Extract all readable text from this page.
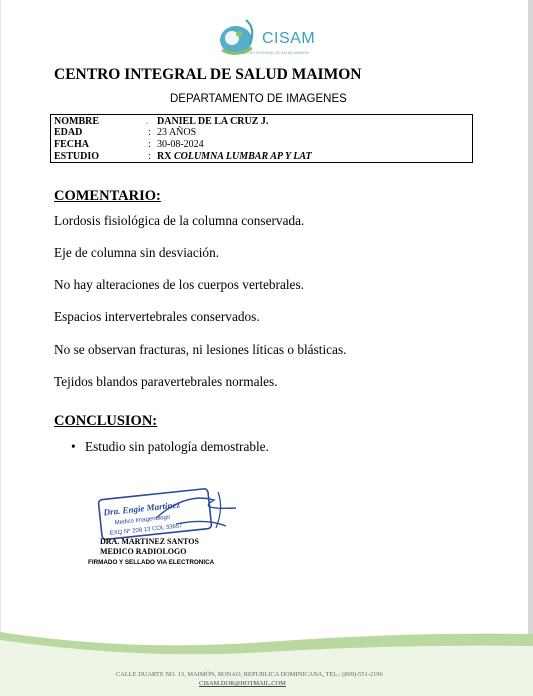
CISAM
CENTRO INTEGRAL DE SALUD MAIMON
CENTRO INTEGRAL DE SALUD MAIMON
DEPARTAMENTO DE IMAGENES
NOMBRE	ᵕ DANIEL DE LA CRUZ J.
EDAD	: 23 AÑOS
FECHA	: 30-08-2024
ESTUDIO	: RX COLUMNA LUMBAR AP Y LAT
COMENTARIO:
Lordosis fisiológica de la columna conservada.
Eje de columna sin desviación.
No hay alteraciones de los cuerpos vertebrales.
Espacios intervertebrales conservados.
No se observan fracturas, ni lesiones líticas o blásticas.
Tejidos blandos paravertebrales normales.
CONCLUSION:
• Estudio sin patología demostrable.
Dra. Engie Martinez
Medico Imagenologo
EXQ Nº 208 13 COL 33857
DRA. MARTINEZ SANTOS
MEDICO RADIOLOGO
FIRMADO Y SELLADO VIA ELECTRONICA
CALLE DUARTE NO. 13, MAIMÓN, BONAO, REPUBLICA DOMINICANA, TEL.: (809)-551-2196
CISAM.DOR@HOTMAIL.COM
